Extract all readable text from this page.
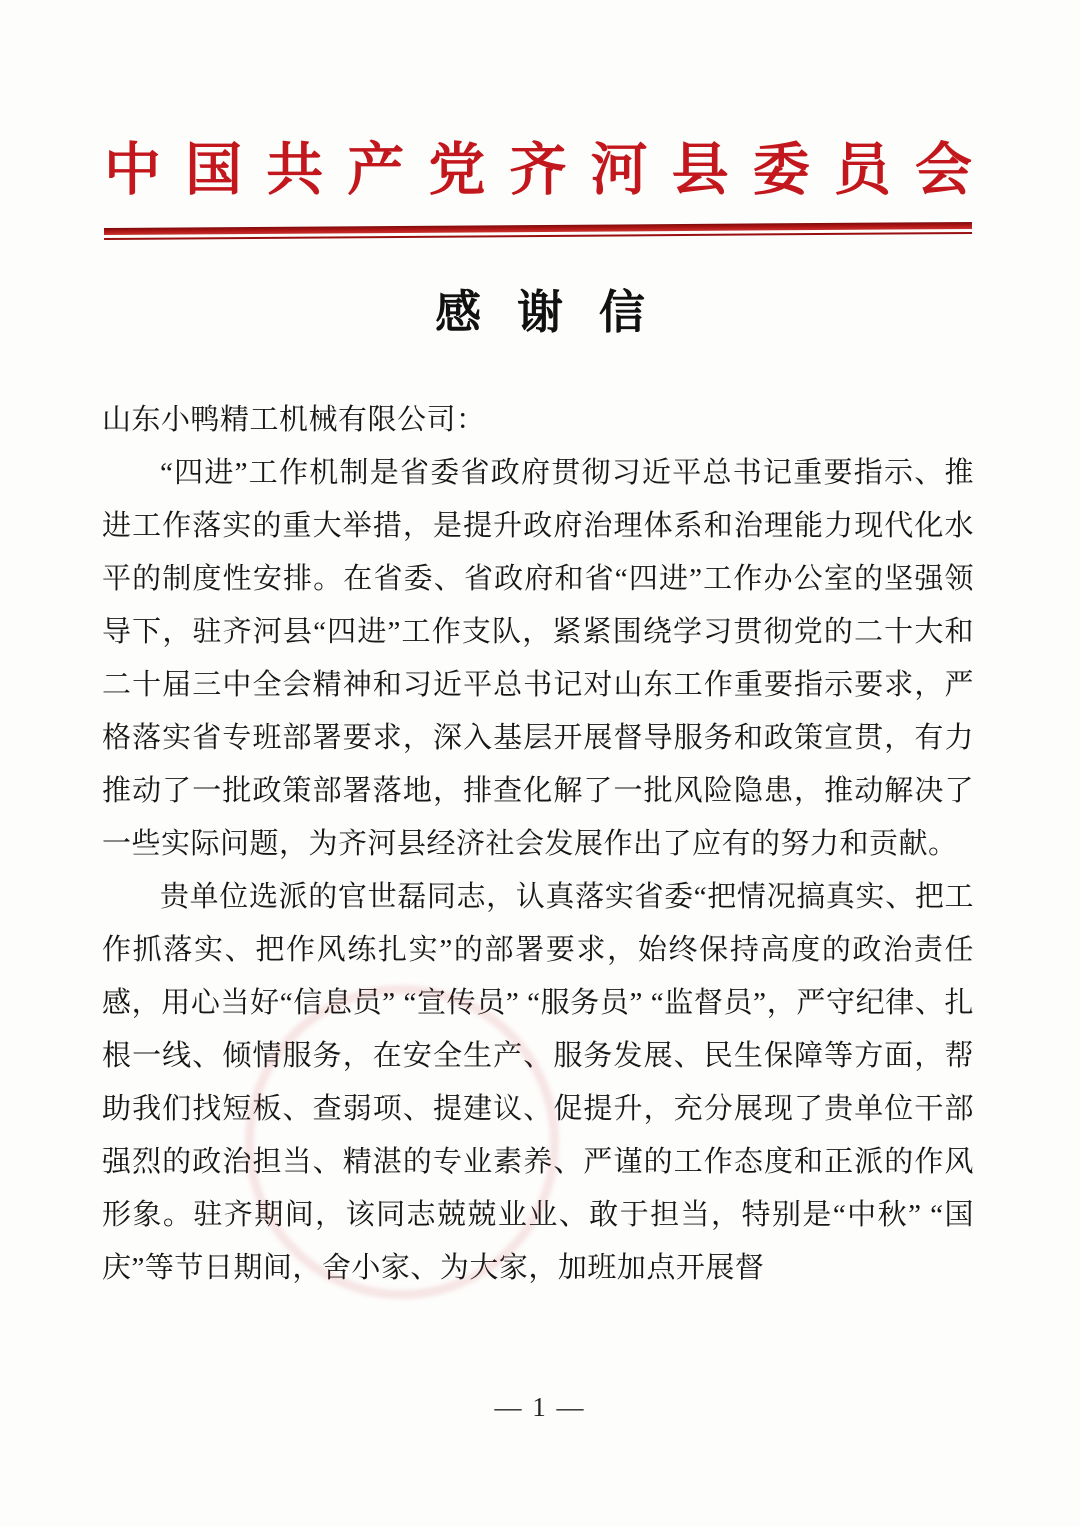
中 国 共 产 党 齐 河 县 委 员 会
感谢信
山东小鸭精工机械有限公司：

“四进”工作机制是省委省政府贯彻习近平总书记重要指示、推进工作落实的重大举措，是提升政府治理体系和治理能力现代化水平的制度性安排。在省委、省政府和省“四进”工作办公室的坚强领导下，驻齐河县“四进”工作支队，紧紧围绕学习贯彻党的二十大和二十届三中全会精神和习近平总书记对山东工作重要指示要求，严格落实省专班部署要求，深入基层开展督导服务和政策宣贯，有力推动了一批政策部署落地，排查化解了一批风险隐患，推动解决了一些实际问题，为齐河县经济社会发展作出了应有的努力和贡献。

贵单位选派的官世磊同志，认真落实省委“把情况搞真实、把工作抓落实、把作风练扎实”的部署要求，始终保持高度的政治责任感，用心当好“信息员” “宣传员” “服务员” “监督员”，严守纪律、扎根一线、倾情服务，在安全生产、服务发展、民生保障等方面，帮助我们找短板、查弱项、提建议、促提升，充分展现了贵单位干部强烈的政治担当、精湛的专业素养、严谨的工作态度和正派的作风形象。驻齐期间，该同志兢兢业业、敢于担当，特别是“中秋” “国庆”等节日期间，舍小家、为大家，加班加点开展督

— 1 —
